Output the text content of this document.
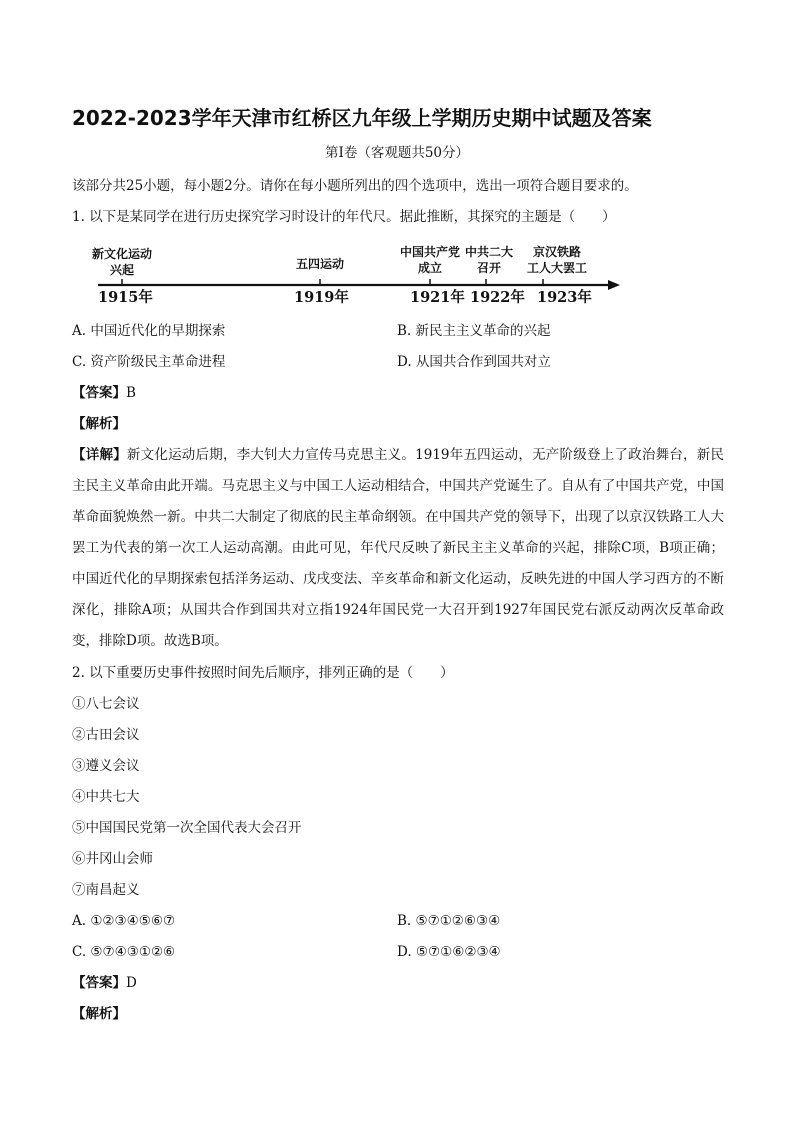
2022-2023学年天津市红桥区九年级上学期历史期中试题及答案
第Ⅰ卷（客观题共50分）
该部分共25小题，每小题2分。请你在每小题所列出的四个选项中，选出一项符合题目要求的。
1. 以下是某同学在进行历史探究学习时设计的年代尺。据此推断，其探究的主题是（　　）
新文化运动
兴起	五四运动
中国共产党
成立
中共二大
召开
京汉铁路
工人大罢工
1915年	1919年	1921年 1922年 1923年
A. 中国近代化的早期探索	B. 新民主主义革命的兴起
C. 资产阶级民主革命进程	D. 从国共合作到国共对立
【答案】B
【解析】
【详解】新文化运动后期，李大钊大力宣传马克思主义。1919年五四运动，无产阶级登上了政治舞台，新民主民主义革命由此开端。马克思主义与中国工人运动相结合，中国共产党诞生了。自从有了中国共产党，中国革命面貌焕然一新。中共二大制定了彻底的民主革命纲领。在中国共产党的领导下，出现了以京汉铁路工人大罢工为代表的第一次工人运动高潮。由此可见，年代尺反映了新民主主义革命的兴起，排除C项，B项正确；中国近代化的早期探索包括洋务运动、戊戌变法、辛亥革命和新文化运动，反映先进的中国人学习西方的不断深化，排除A项；从国共合作到国共对立指1924年国民党一大召开到1927年国民党右派反动两次反革命政变，排除D项。故选B项。
2. 以下重要历史事件按照时间先后顺序，排列正确的是（　　）
①八七会议
②古田会议
③遵义会议
④中共七大
⑤中国国民党第一次全国代表大会召开
⑥井冈山会师
⑦南昌起义
A. ①②③④⑤⑥⑦	B. ⑤⑦①②⑥③④
C. ⑤⑦④③①②⑥	D. ⑤⑦①⑥②③④
【答案】D
【解析】
